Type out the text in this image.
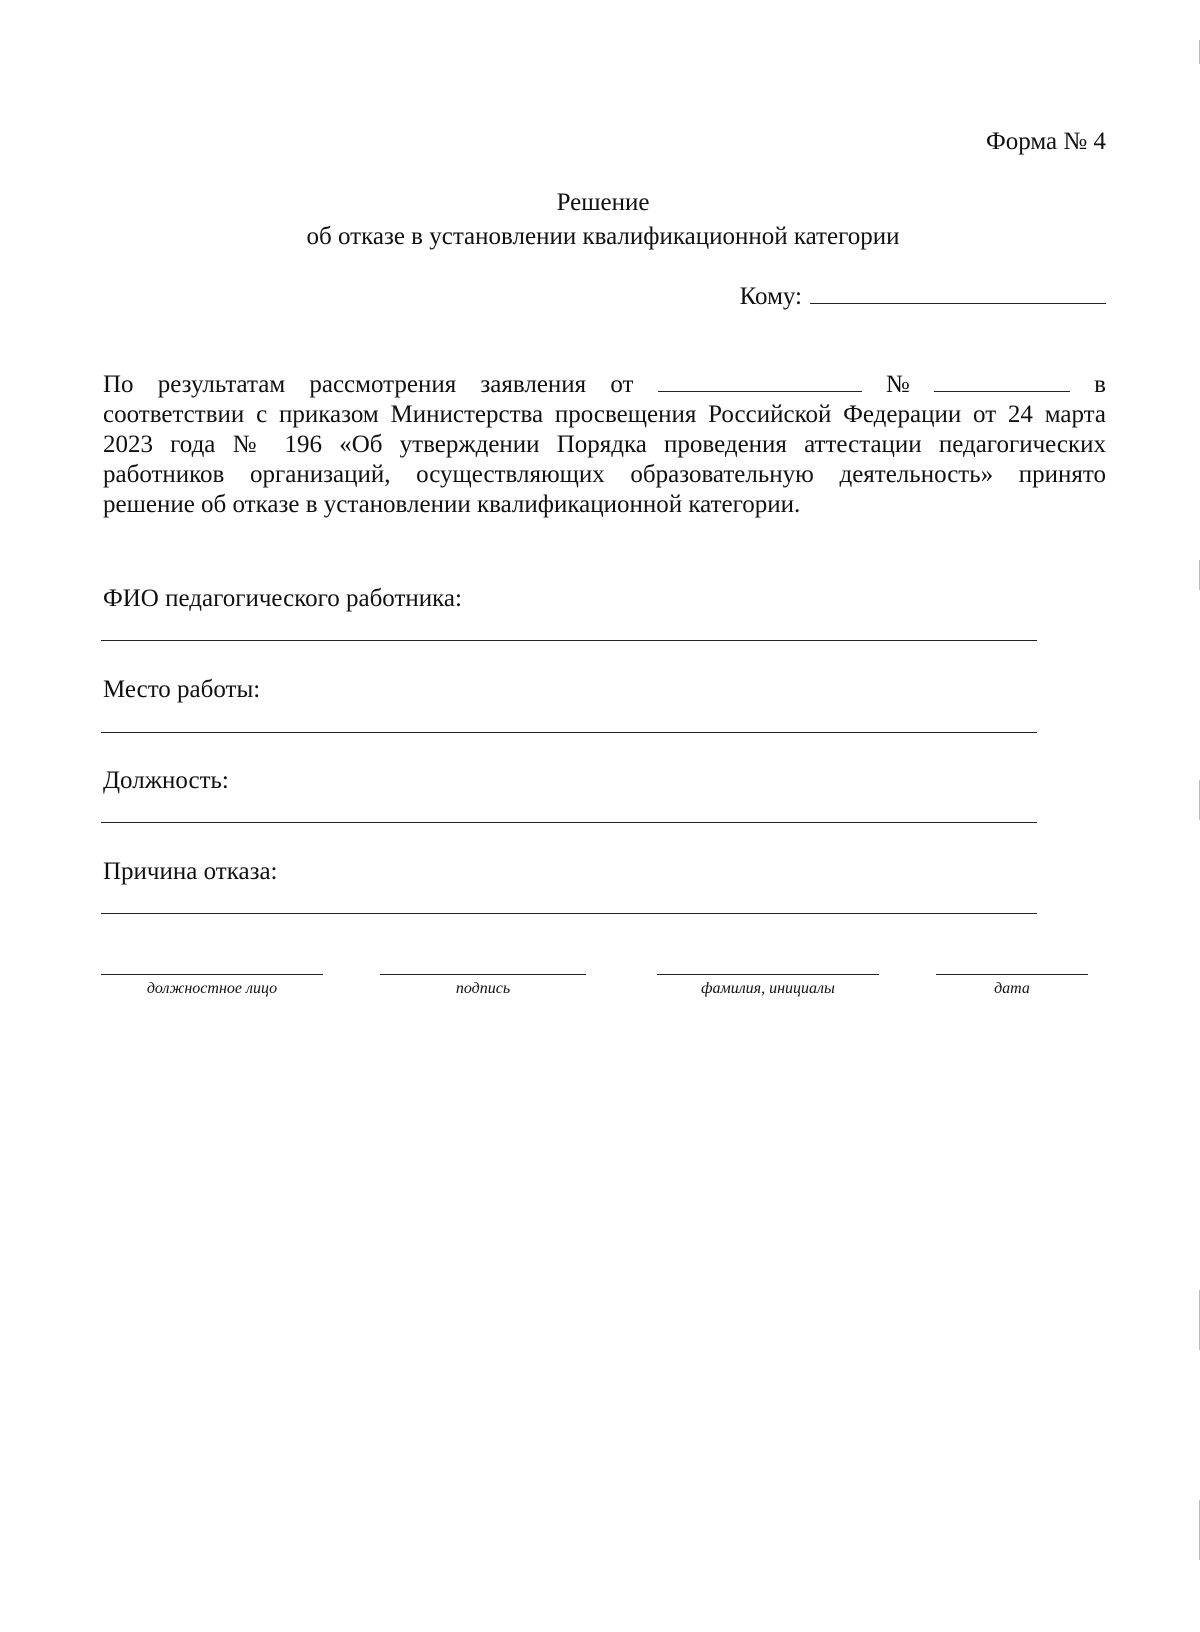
Форма № 4
Решение
об отказе в установлении квалификационной категории
Кому:
По результатам рассмотрения заявления от	№	в
соответствии с приказом Министерства просвещения Российской Федерации от 24 марта 2023 года № 196 «Об утверждении Порядка проведения аттестации педагогических работников организаций, осуществляющих образовательную деятельность» принято решение об отказе в установлении квалификационной категории.
ФИО педагогического работника:
Место работы:
Должность:
Причина отказа:
должностное лицо	подпись	фамилия, инициалы	дата
